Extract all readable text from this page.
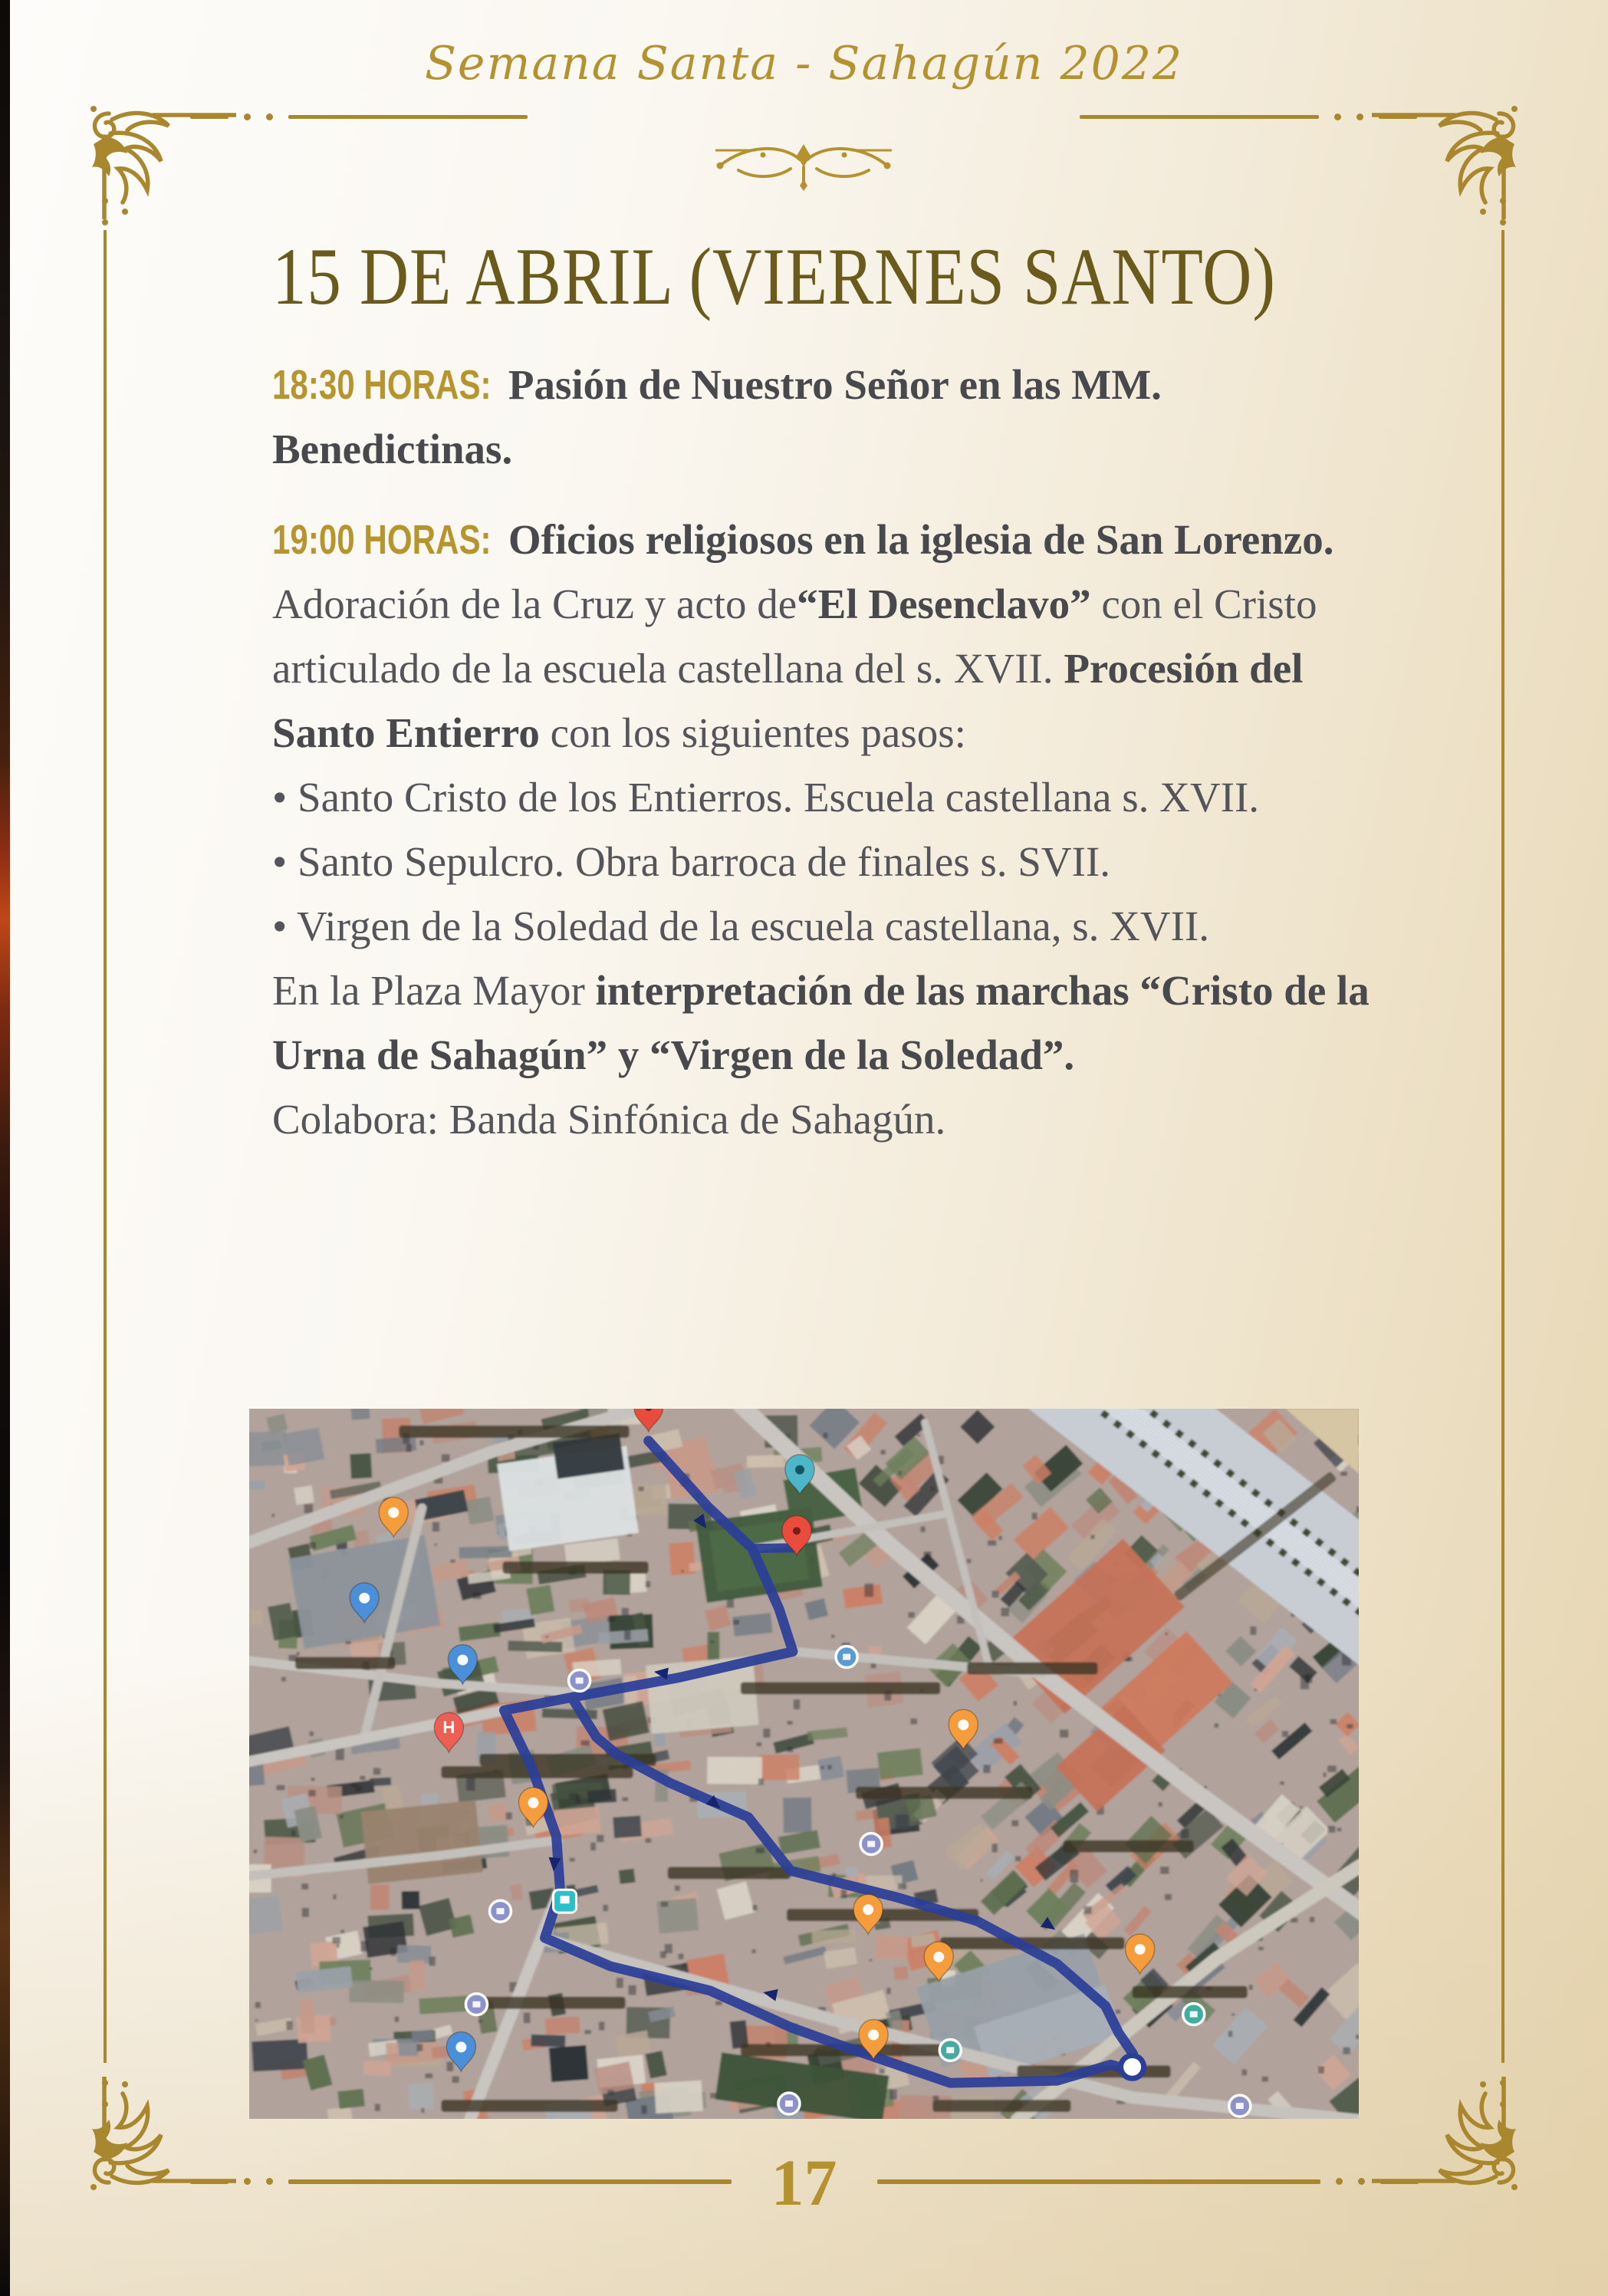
Semana Santa - Sahagún 2022
15 DE ABRIL (VIERNES SANTO)

18:30 HORAS: Pasión de Nuestro Señor en las MM. Benedictinas.

19:00 HORAS: Oficios religiosos en la iglesia de San Lorenzo. Adoración de la Cruz y acto de“El Desenclavo” con el Cristo articulado de la escuela castellana del s. XVII. Procesión del Santo Entierro con los siguientes pasos:

• Santo Cristo de los Entierros. Escuela castellana s. XVII.
• Santo Sepulcro. Obra barroca de finales s. SVII.
• Virgen de la Soledad de la escuela castellana, s. XVII.

En la Plaza Mayor interpretación de las marchas “Cristo de la Urna de Sahagún” y “Virgen de la Soledad”.

Colabora: Banda Sinfónica de Sahagún.

H
17
